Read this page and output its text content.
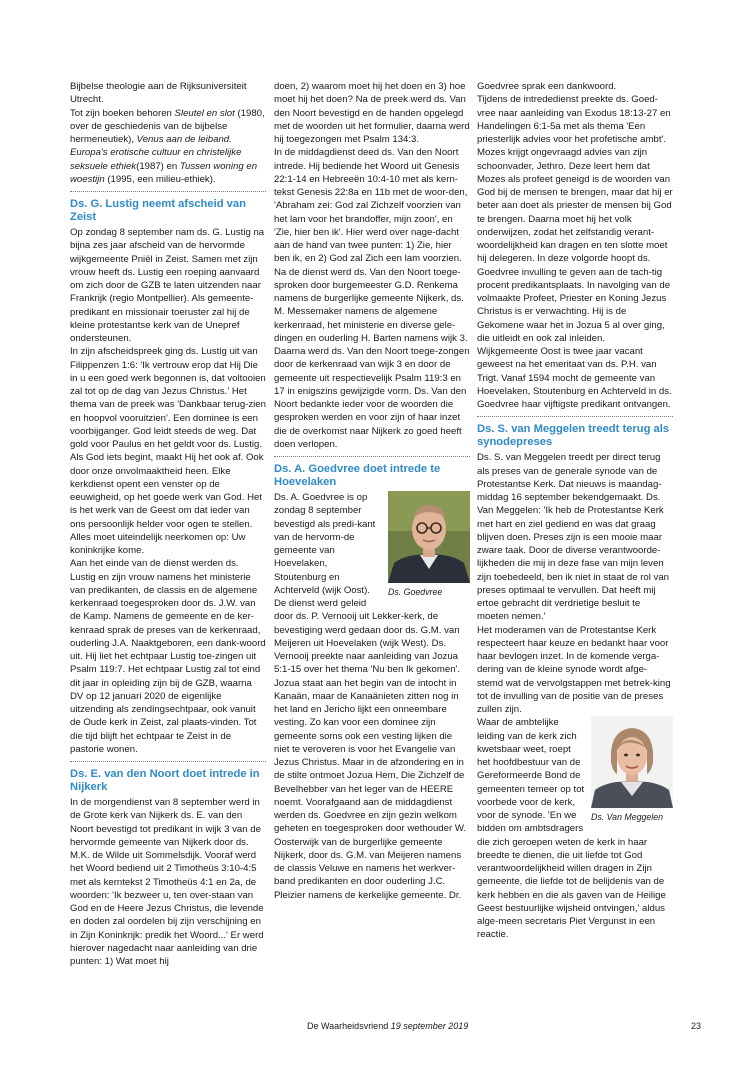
Bijbelse theologie aan de Rijksuniversiteit Utrecht.

Tot zijn boeken behoren Sleutel en slot (1980, over de geschiedenis van de bijbelse hermeneutiek), Venus aan de leiband. Europa's erotische cultuur en christelijke seksuele ethiek(1987) en Tussen woning en woestijn (1995, een milieu-ethiek).

Ds. G. Lustig neemt afscheid van Zeist

Op zondag 8 september nam ds. G. Lustig na bijna zes jaar afscheid van de hervormde wijkgemeente Pniël in Zeist. Samen met zijn vrouw heeft ds. Lustig een roeping aanvaard om zich door de GZB te laten uitzenden naar Frankrijk (regio Montpellier). Als gemeente-predikant en missionair toeruster zal hij de kleine protestantse kerk van de Unepref ondersteunen.

In zijn afscheidspreek ging ds. Lustig uit van Filippenzen 1:6: 'Ik vertrouw erop dat Hij Die in u een goed werk begonnen is, dat voltooien zal tot op de dag van Jezus Christus.' Het thema van de preek was 'Dankbaar terug-zien en hoopvol vooruitzien'. Een dominee is een voorbijganger. God leidt steeds de weg. Dat gold voor Paulus en het geldt voor ds. Lustig. Als God iets begint, maakt Hij het ook af. Ook door onze onvolmaaktheid heen. Elke kerkdienst opent een venster op de eeuwigheid, op het goede werk van God. Het is het werk van de Geest om dat ieder van ons persoonlijk helder voor ogen te stellen. Alles moet uiteindelijk neerkomen op: Uw koninkrijke kome.

Aan het einde van de dienst werden ds. Lustig en zijn vrouw namens het ministerie van predikanten, de classis en de algemene kerkenraad toegesproken door ds. J.W. van de Kamp. Namens de gemeente en de ker-kenraad sprak de preses van de kerkenraad, ouderling J.A. Naaktgeboren, een dank-woord uit. Hij liet het echtpaar Lustig toe-zingen uit Psalm 119:7. Het echtpaar Lustig zal tot eind dit jaar in opleiding zijn bij de GZB, waarna DV op 12 januari 2020 de eigenlijke uitzending als zendingsechtpaar, ook vanuit de Oude kerk in Zeist, zal plaats-vinden. Tot die tijd blijft het echtpaar te Zeist in de pastorie wonen.

Ds. E. van den Noort doet intrede in Nijkerk

In de morgendienst van 8 september werd in de Grote kerk van Nijkerk ds. E. van den Noort bevestigd tot predikant in wijk 3 van de hervormde gemeente van Nijkerk door ds. M.K. de Wilde uit Sommelsdijk. Vooraf werd het Woord bediend uit 2 Timotheüs 3:10-4:5 met als kerntekst 2 Timotheüs 4:1 en 2a, de woorden: 'Ik bezweer u, ten over-staan van God en de Heere Jezus Christus, die levende en doden zal oordelen bij zijn verschijning en in Zijn Koninkrijk: predik het Woord...' Er werd hierover nagedacht naar aanleiding van drie punten: 1) Wat moet hij

doen, 2) waarom moet hij het doen en 3) hoe moet hij het doen? Na de preek werd ds. Van den Noort bevestigd en de handen opgelegd met de woorden uit het formulier, daarna werd hij toegezongen met Psalm 134:3.

In de middagdienst deed ds. Van den Noort intrede. Hij bediende het Woord uit Genesis 22:1-14 en Hebreeën 10:4-10 met als kern-tekst Genesis 22:8a en 11b met de woor-den, 'Abraham zei: God zal Zichzelf voorzien van het lam voor het brandoffer, mijn zoon', en 'Zie, hier ben ik'. Hier werd over nage-dacht aan de hand van twee punten: 1) Zie, hier ben ik, en 2) God zal Zich een lam voorzien.

Na de dienst werd ds. Van den Noort toege-sproken door burgemeester G.D. Renkema namens de burgerlijke gemeente Nijkerk, ds. M. Messemaker namens de algemene kerkenraad, het ministerie en diverse gele-dingen en ouderling H. Barten namens wijk 3. Daarna werd ds. Van den Noort toege-zongen door de kerkenraad van wijk 3 en door de gemeente uit respectievelijk Psalm 119:3 en 17 in enigszins gewijzigde vorm. Ds. Van den Noort bedankte ieder voor de woorden die gesproken werden en voor zijn of haar inzet die de overkomst naar Nijkerk zo goed heeft doen verlopen.

Ds. A. Goedvree doet intrede te Hoevelaken
Ds. Goedvree

Ds. A. Goedvree is op zondag 8 september bevestigd als predi-kant van de hervorm-de gemeente van Hoevelaken, Stoutenburg en Achterveld (wijk Oost). De dienst werd geleid door ds. P. Vernooij uit Lekker-kerk, de bevestiging werd gedaan door ds. G.M. van Meijeren uit Hoevelaken (wijk West). Ds. Vernooij preekte naar aanleiding van Jozua 5:1-15 over het thema 'Nu ben Ik gekomen'.

Jozua staat aan het begin van de intocht in Kanaän, maar de Kanaänieten zitten nog in het land en Jericho lijkt een onneembare vesting. Zo kan voor een dominee zijn gemeente soms ook een vesting lijken die niet te veroveren is voor het Evangelie van Jezus Christus. Maar in de afzondering en in de stilte ontmoet Jozua Hem, Die Zichzelf de Bevelhebber van het leger van de HEERE noemt. Voorafgaand aan de middagdienst werden ds. Goedvree en zijn gezin welkom geheten en toegesproken door wethouder W. Oosterwijk van de burgerlijke gemeente Nijkerk, door ds. G.M. van Meijeren namens de classis Veluwe en namens het werkver-band predikanten en door ouderling J.C. Pleizier namens de kerkelijke gemeente. Dr.

Goedvree sprak een dankwoord.

Tijdens de intrededienst preekte ds. Goed-vree naar aanleiding van Exodus 18:13-27 en Handelingen 6:1-5a met als thema 'Een priesterlijk advies voor het profetische ambt'. Mozes krijgt ongevraagd advies van zijn schoonvader, Jethro. Deze leert hem dat Mozes als profeet geneigd is de woorden van God bij de mensen te brengen, maar dat hij er beter aan doet als priester de mensen bij God te brengen. Daarna moet hij het volk onderwijzen, zodat het zelfstandig verant-woordelijkheid kan dragen en ten slotte moet hij delegeren. In deze volgorde hoopt ds. Goedvree invulling te geven aan de tach-tig procent predikantsplaats. In navolging van de volmaakte Profeet, Priester en Koning Jezus Christus is er verwachting. Hij is de Gekomene waar het in Jozua 5 al over ging, die uitleidt en ook zal inleiden.

Wijkgemeente Oost is twee jaar vacant geweest na het emeritaat van ds. P.H. van Trigt. Vanaf 1594 mocht de gemeente van Hoevelaken, Stoutenburg en Achterveld in ds. Goedvree haar vijftigste predikant ontvangen.

Ds. S. van Meggelen treedt terug als synodepreses

Ds. S. van Meggelen treedt per direct terug als preses van de generale synode van de Protestantse Kerk. Dat nieuws is maandag-middag 16 september bekendgemaakt. Ds. Van Meggelen: 'Ik heb de Protestantse Kerk met hart en ziel gediend en was dat graag blijven doen. Preses zijn is een mooie maar zware taak. Door de diverse verantwoorde-lijkheden die mij in deze fase van mijn leven zijn toebedeeld, ben ik niet in staat de rol van preses optimaal te vervullen. Dat heeft mij ertoe gebracht dit verdrietige besluit te moeten nemen.'

Het moderamen van de Protestantse Kerk respecteert haar keuze en bedankt haar voor haar bevlogen inzet. In de komende verga-dering van de kleine synode wordt afge-stemd wat de vervolgstappen met betrek-king tot de invulling van de positie van de preses zullen zijn.

Ds. Van Meggelen

Waar de ambtelijke leiding van de kerk zich kwetsbaar weet, roept het hoofdbestuur van de Gereformeerde Bond de gemeenten temeer op tot voorbede voor de kerk, voor de synode. 'En we bidden om ambtsdragers die zich geroepen weten de kerk in haar breedte te dienen, die uit liefde tot God verantwoordelijkheid willen dragen in Zijn gemeente, die liefde tot de belijdenis van de kerk hebben en die als gaven van de Heilige Geest bestuurlijke wijsheid ontvingen,' aldus alge-meen secretaris Piet Vergunst in een reactie.

De Waarheidsvriend 19 september 2019	23
